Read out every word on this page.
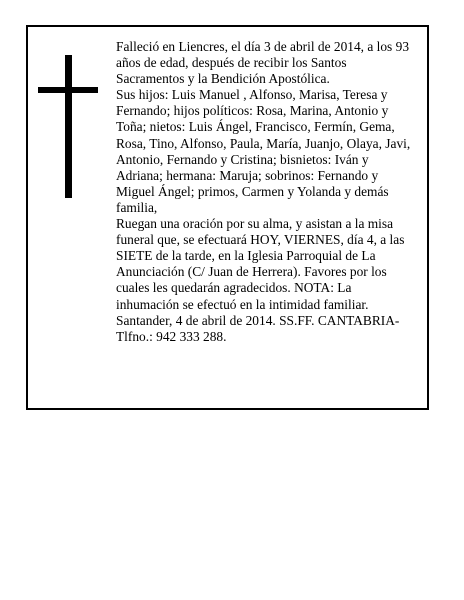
Falleció en Liencres, el día 3 de abril de 2014, a los 93 años de edad, después de recibir los Santos Sacramentos y la Bendición Apostólica.

Sus hijos: Luis Manuel , Alfonso, Marisa, Teresa y Fernando; hijos políticos: Rosa, Marina, Antonio y Toña; nietos: Luis Ángel, Francisco, Fermín, Gema, Rosa, Tino, Alfonso, Paula, María, Juanjo, Olaya, Javi, Antonio, Fernando y Cristina; bisnietos: Iván y Adriana; hermana: Maruja; sobrinos: Fernando y Miguel Ángel; primos, Carmen y Yolanda y demás familia,

Ruegan una oración por su alma, y asistan a la misa funeral que, se efectuará HOY, VIERNES, día 4, a las SIETE de la tarde, en la Iglesia Parroquial de La Anunciación (C/ Juan de Herrera). Favores por los cuales les quedarán agradecidos. NOTA: La inhumación se efectuó en la intimidad familiar.

Santander, 4 de abril de 2014. SS.FF. CANTABRIA-Tlfno.: 942 333 288.
